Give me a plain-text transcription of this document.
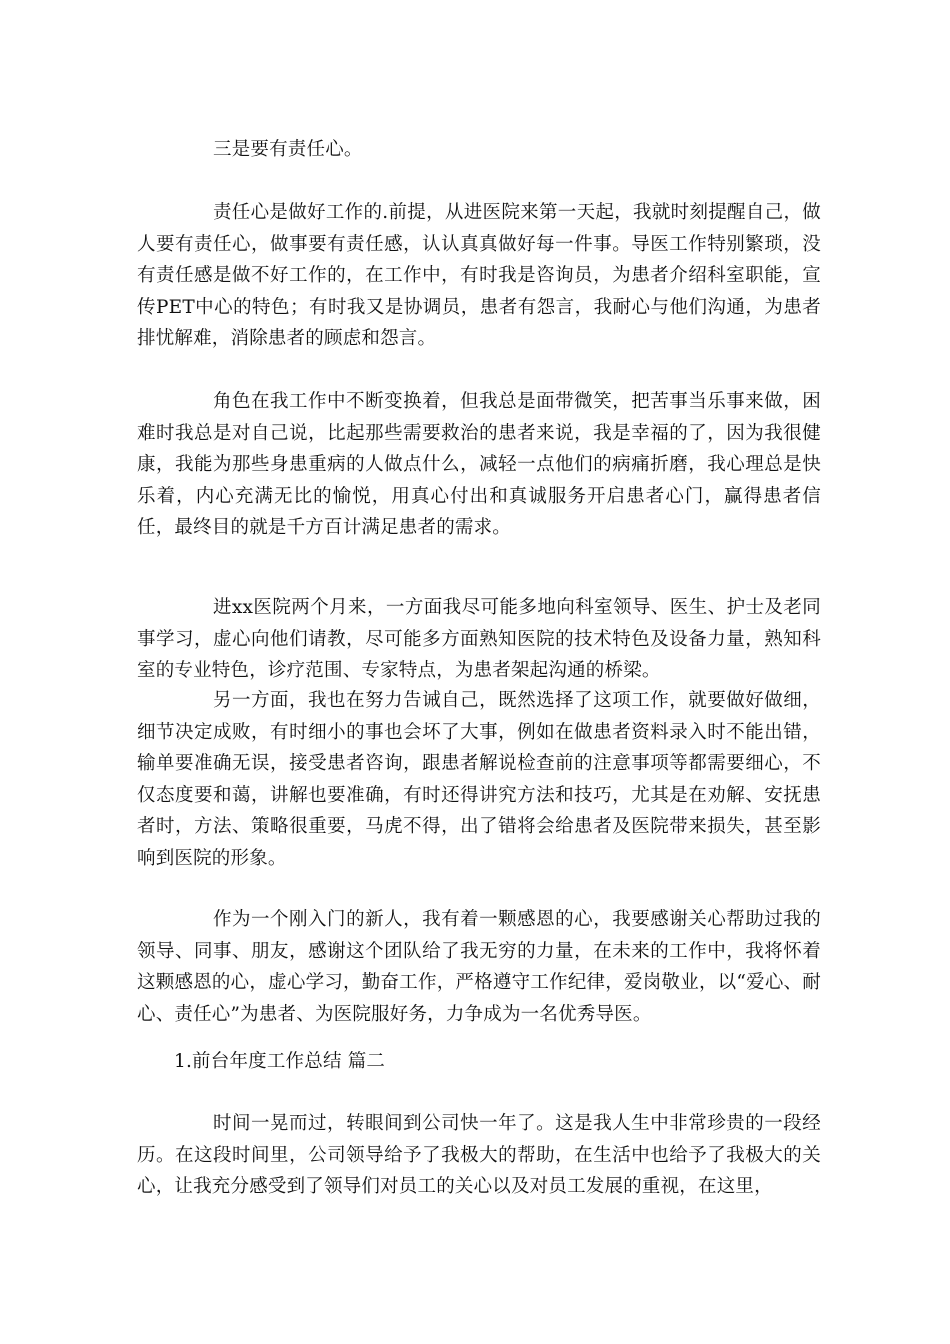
三是要有责任心。

责任心是做好工作的.前提，从进医院来第一天起，我就时刻提醒自己，做人要有责任心，做事要有责任感，认认真真做好每一件事。导医工作特别繁琐，没有责任感是做不好工作的，在工作中，有时我是咨询员，为患者介绍科室职能，宣传PET中心的特色；有时我又是协调员，患者有怨言，我耐心与他们沟通，为患者排忧解难，消除患者的顾虑和怨言。

角色在我工作中不断变换着，但我总是面带微笑，把苦事当乐事来做，困难时我总是对自己说，比起那些需要救治的患者来说，我是幸福的了，因为我很健康，我能为那些身患重病的人做点什么，减轻一点他们的病痛折磨，我心理总是快乐着，内心充满无比的愉悦，用真心付出和真诚服务开启患者心门，赢得患者信任，最终目的就是千方百计满足患者的需求。

进xx医院两个月来，一方面我尽可能多地向科室领导、医生、护士及老同事学习，虚心向他们请教，尽可能多方面熟知医院的技术特色及设备力量，熟知科室的专业特色，诊疗范围、专家特点，为患者架起沟通的桥梁。

另一方面，我也在努力告诫自己，既然选择了这项工作，就要做好做细，细节决定成败，有时细小的事也会坏了大事，例如在做患者资料录入时不能出错，输单要准确无误，接受患者咨询，跟患者解说检查前的注意事项等都需要细心，不仅态度要和蔼，讲解也要准确，有时还得讲究方法和技巧，尤其是在劝解、安抚患者时，方法、策略很重要，马虎不得，出了错将会给患者及医院带来损失，甚至影响到医院的形象。

作为一个刚入门的新人，我有着一颗感恩的心，我要感谢关心帮助过我的领导、同事、朋友，感谢这个团队给了我无穷的力量，在未来的工作中，我将怀着这颗感恩的心，虚心学习，勤奋工作，严格遵守工作纪律，爱岗敬业，以“爱心、耐心、责任心”为患者、为医院服好务，力争成为一名优秀导医。

1.前台年度工作总结 篇二

时间一晃而过，转眼间到公司快一年了。这是我人生中非常珍贵的一段经历。在这段时间里，公司领导给予了我极大的帮助，在生活中也给予了我极大的关心，让我充分感受到了领导们对员工的关心以及对员工发展的重视，在这里，
